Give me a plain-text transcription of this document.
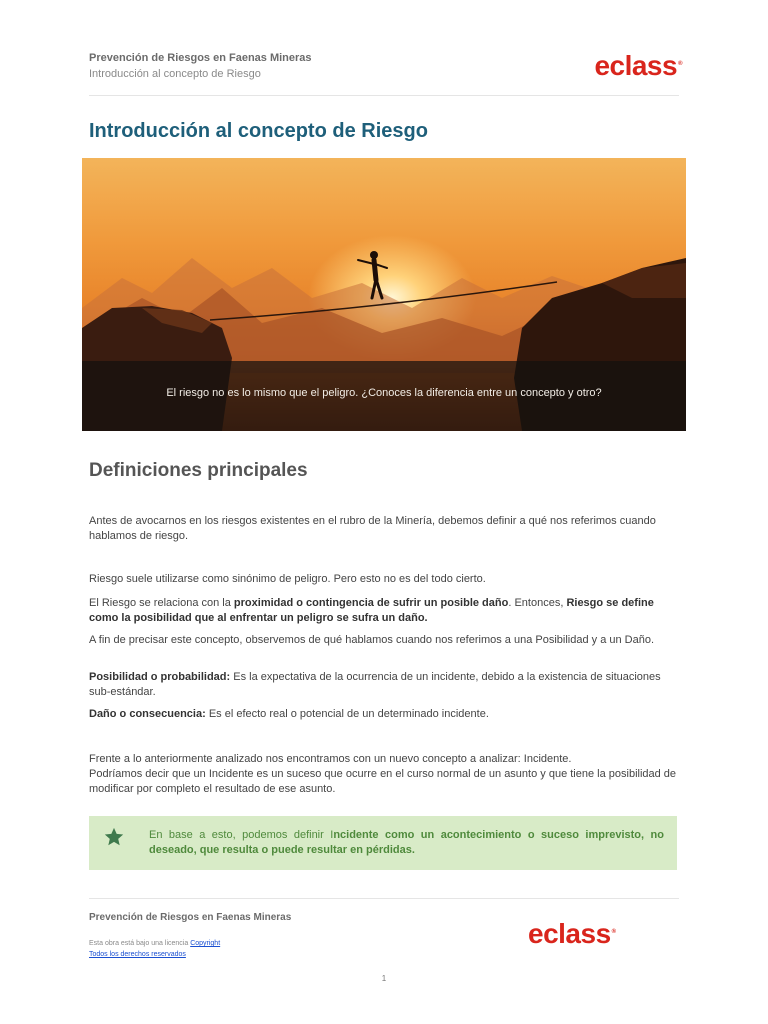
Prevención de Riesgos en Faenas Mineras
Introducción al concepto de Riesgo	eclass®
Introducción al concepto de Riesgo
El riesgo no es lo mismo que el peligro. ¿Conoces la diferencia entre un concepto y otro?
Definiciones principales

Antes de avocarnos en los riesgos existentes en el rubro de la Minería, debemos definir a qué nos referimos cuando hablamos de riesgo.

Riesgo suele utilizarse como sinónimo de peligro. Pero esto no es del todo cierto.

El Riesgo se relaciona con la proximidad o contingencia de sufrir un posible daño. Entonces, Riesgo se define como la posibilidad que al enfrentar un peligro se sufra un daño.

A fin de precisar este concepto, observemos de qué hablamos cuando nos referimos a una Posibilidad y a un Daño.

Posibilidad o probabilidad: Es la expectativa de la ocurrencia de un incidente, debido a la existencia de situaciones sub-estándar.

Daño o consecuencia: Es el efecto real o potencial de un determinado incidente.

Frente a lo anteriormente analizado nos encontramos con un nuevo concepto a analizar: Incidente.
Podríamos decir que un Incidente es un suceso que ocurre en el curso normal de un asunto y que tiene la posibilidad de modificar por completo el resultado de ese asunto.

En base a esto, podemos definir Incidente como un acontecimiento o suceso imprevisto, no deseado, que resulta o puede resultar en pérdidas.
Prevención de Riesgos en Faenas Mineras
Esta obra está bajo una licencia Copyright
Todos los derechos reservados
eclass®
1
